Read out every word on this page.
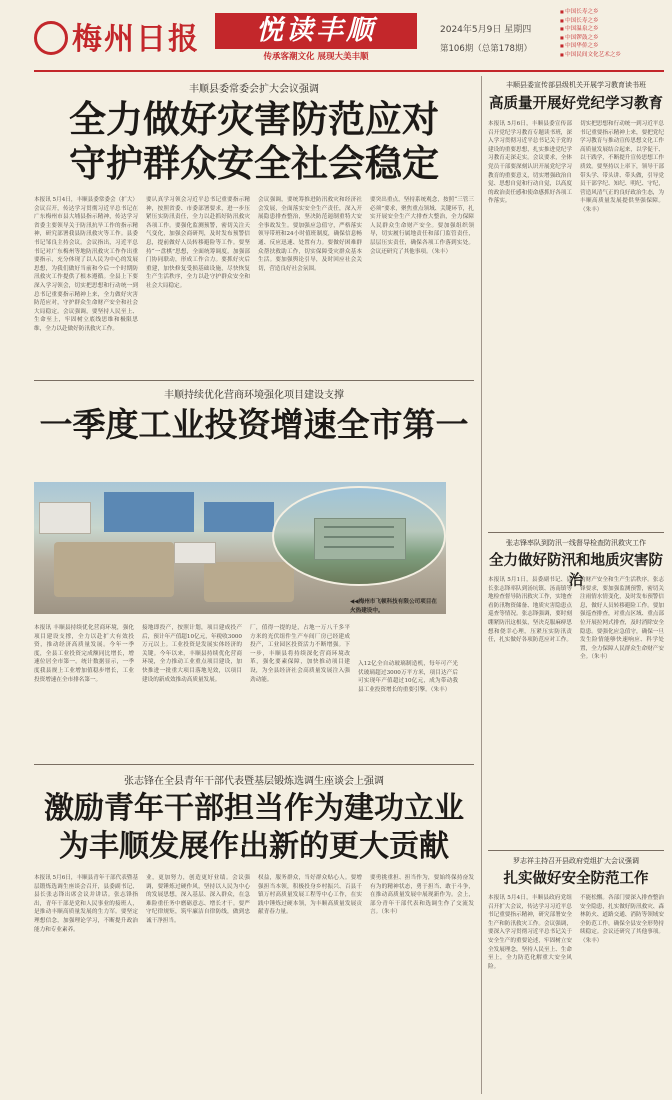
梅州日报	悦读丰顺
传承客潮文化 展现大美丰顺
2024年5月9日 星期四
第106期（总第178期）
■ 中国长寿之乡
■ 中国长寿之乡
■ 中国温泉之乡
■ 中国锣鼓之乡
■ 中国华侨之乡
■ 中国民间文化艺术之乡
丰顺县委常委会扩大会议强调
全力做好灾害防范应对
守护群众安全社会稳定
本报讯 5月4日，丰顺县委常委会（扩大）会议召开，传达学习贯彻习近平总书记在广东梅州市县大埔县指示精神，传达学习省委主要领导关于防汛抗旱工作的指示精神，研究部署我县防汛救灾等工作。县委书记邹良主持会议。会议指出，习近平总书记对广东梅州等地防汛救灾工作作出重要指示，充分体现了以人民为中心的发展思想，为我们做好当前和今后一个时期防汛救灾工作提供了根本遵循。全县上下要深入学习领会，切实把思想和行动统一到总书记重要指示精神上来，全力做好灾害防范应对，守护群众生命财产安全和社会大局稳定。会议强调，要坚持人民至上、生命至上，牢固树立底线思维和极限思维，全力以赴做好防汛救灾工作。
要认真学习领会习近平总书记重要指示精神，按照省委、市委部署要求，进一步压紧压实防汛责任，全力以赴抓好防汛救灾各项工作。要强化监测预警，密切关注天气变化，加强会商研判，及时发布预警信息，提前做好人员转移避险等工作。要坚持“一盘棋”思想，全面统筹调度，加强部门协同联动，形成工作合力。要抓好灾后重建，加快修复受损基础设施，尽快恢复生产生活秩序，全力以赴守护群众安全和社会大局稳定。
会议强调，要统筹推进防汛救灾和经济社会发展，全面落实安全生产责任，深入开展隐患排查整治，坚决防范遏制重特大安全事故发生。要加强应急值守，严格落实领导带班和24小时值班制度，确保信息畅通、反应迅速、处置有力。要做好困难群众帮扶救助工作，切实保障受灾群众基本生活。要加强舆论引导，及时回应社会关切，营造良好社会氛围。
要突出重点，坚持系统观念，按照“三管三必须”要求，聚焦重点领域、关键环节，扎实开展安全生产大排查大整治，全力保障人民群众生命财产安全。要加强组织领导，切实履行属地责任和部门监管责任，层层压实责任，确保各项工作落到实处。会议还研究了其他事项。（朱丰）
丰顺持续优化营商环境强化项目建设支撑
一季度工业投资增速全市第一
◀◀梅州市飞顿科技有限公司项目在火热建设中。
本报讯 丰顺县持续优化营商环境，强化项目建设支撑，全力以赴扩大有效投资，推动经济高质量发展。今年一季度，全县工业投资完成额同比增长，增速位居全市第一。统计数据显示，一季度我县规上工业增加值稳步增长，工业投资增速在全市排名第一。
接地即投产，按照计划，项目建成投产后，预计年产值超10亿元，年税收3000万元以上。工业投资是发展实体经济的关键。今年以来，丰顺县持续优化营商环境，全力推动工业重点项目建设，加快推进一批重大项目落地见效，以项目建设的新成效推动高质量发展。
厂，值得一提的是，占地一万八千多平方米的光伏组件生产车间厂房已经建成投产，工业园区投资活力不断增强。下一步，丰顺县将持续深化营商环境改革，强化要素保障，加快推动项目建设，为全县经济社会高质量发展注入强劲动能。
入12亿全自动玻璃制造机，每年可产光伏玻璃超过3000万平方米，项目达产后可实现年产值超过10亿元，成为带动我县工业投资增长的重要引擎。（朱丰）
张志锋在全县青年干部代表暨基层锻炼选调生座谈会上强调
激励青年干部担当作为建功立业
为丰顺发展作出新的更大贡献
本报讯 5月6日，丰顺县青年干部代表暨基层锻炼选调生座谈会召开，县委副书记、县长张志锋出席会议并讲话。张志锋指出，青年干部是党和人民事业的接班人，是推动丰顺高质量发展的生力军。要坚定理想信念，加强理论学习，不断提升政治能力和专业素养。
业，更加努力，创造更好业绩。会议强调，要锤炼过硬作风，坚持以人民为中心的发展思想，深入基层、深入群众，在急难险重任务中磨砺意志、增长才干。要严守纪律规矩，筑牢廉洁自律防线，做到忠诚干净担当。
权益，服务群众，当好群众贴心人。要增强担当本领，积极投身乡村振兴、百县千镇万村高质量发展工程等中心工作，在实践中锤炼过硬本领，为丰顺高质量发展贡献青春力量。
要勇挑重担、担当作为，要始终保持奋发有为的精神状态，勇于担当、敢于斗争，在推动高质量发展中展现新作为。会上，部分青年干部代表和选调生作了交流发言。（朱丰）
丰顺县委宣传部县级机关开展学习教育读书班
高质量开展好党纪学习教育
本报讯 5月6日，丰顺县委宣传部召开党纪学习教育专题读书班，深入学习贯彻习近平总书记关于党的建设的重要思想，扎实推进党纪学习教育走深走实。会议要求，全体党员干部要深刻认识开展党纪学习教育的重要意义，切实增强政治自觉、思想自觉和行动自觉，以高度的政治责任感和使命感抓好各项工作落实。
切实把思想和行动统一到习近平总书记重要指示精神上来，要把党纪学习教育与推动宣传思想文化工作高质量发展结合起来，以学促干、以干践学，不断提升宣传思想工作质效。要坚持以上率下，领导干部带头学、带头讲、带头做，引导党员干部学纪、知纪、明纪、守纪，营造风清气正的良好政治生态，为丰顺高质量发展提供坚强保障。（朱丰）
张志锋率队到防汛一线督导检查防汛救灾工作
全力做好防汛和地质灾害防治
本报讯 5月1日，县委副书记、县长张志锋率队到汤坑镇、汤南镇等地检查督导防汛救灾工作，实地查看防汛物资储备、地质灾害隐患点巡查等情况。张志锋强调，要时刻绷紧防汛这根弦，坚决克服麻痹思想和侥幸心理，压紧压实防汛责任，扎实做好各项防范应对工作。
的财产安全和生产生活秩序。张志锋要求，要加强监测预警，密切关注雨情水情变化，及时发布预警信息，做好人员转移避险工作。要加强巡查排查，对重点区域、重点部位开展拉网式排查，及时消除安全隐患。要强化应急值守，确保一旦发生险情能够快速响应、科学处置，全力保障人民群众生命财产安全。（朱丰）
罗志祥主持召开县政府党组扩大会议强调
扎实做好安全防范工作
本报讯 5月4日，丰顺县政府党组召开扩大会议，传达学习习近平总书记重要指示精神，研究部署安全生产和防汛救灾工作。会议强调，要深入学习贯彻习近平总书记关于安全生产的重要论述，牢固树立安全发展理念，坚持人民至上、生命至上，全力防范化解重大安全风险。
不能松懈。各部门要深入排查整治安全隐患，扎实做好防汛救灾、森林防火、道路交通、消防等领域安全防范工作，确保全县安全形势持续稳定。会议还研究了其他事项。（朱丰）
